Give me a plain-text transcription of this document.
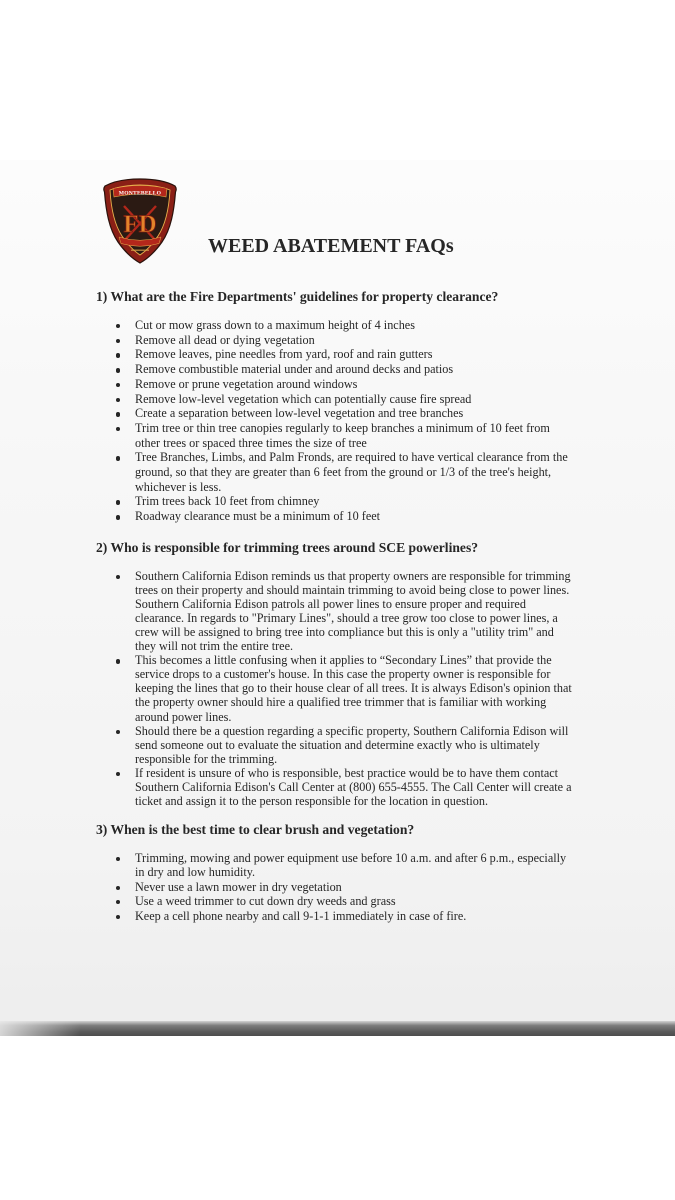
MONTEBELLO
FD
WEED ABATEMENT FAQs
1) What are the Fire Departments' guidelines for property clearance?
Cut or mow grass down to a maximum height of 4 inches
Remove all dead or dying vegetation
Remove leaves, pine needles from yard, roof and rain gutters
Remove combustible material under and around decks and patios
Remove or prune vegetation around windows
Remove low-level vegetation which can potentially cause fire spread
Create a separation between low-level vegetation and tree branches
Trim tree or thin tree canopies regularly to keep branches a minimum of 10 feet from
other trees or spaced three times the size of tree
Tree Branches, Limbs, and Palm Fronds, are required to have vertical clearance from the
ground, so that they are greater than 6 feet from the ground or 1/3 of the tree's height,
whichever is less.
Trim trees back 10 feet from chimney
Roadway clearance must be a minimum of 10 feet
2) Who is responsible for trimming trees around SCE powerlines?
Southern California Edison reminds us that property owners are responsible for trimming
trees on their property and should maintain trimming to avoid being close to power lines.
Southern California Edison patrols all power lines to ensure proper and required
clearance. In regards to "Primary Lines", should a tree grow too close to power lines, a
crew will be assigned to bring tree into compliance but this is only a "utility trim" and
they will not trim the entire tree.
This becomes a little confusing when it applies to “Secondary Lines” that provide the
service drops to a customer's house. In this case the property owner is responsible for
keeping the lines that go to their house clear of all trees. It is always Edison's opinion that
the property owner should hire a qualified tree trimmer that is familiar with working
around power lines.
Should there be a question regarding a specific property, Southern California Edison will
send someone out to evaluate the situation and determine exactly who is ultimately
responsible for the trimming.
If resident is unsure of who is responsible, best practice would be to have them contact
Southern California Edison's Call Center at (800) 655-4555. The Call Center will create a
ticket and assign it to the person responsible for the location in question.
3) When is the best time to clear brush and vegetation?
Trimming, mowing and power equipment use before 10 a.m. and after 6 p.m., especially
in dry and low humidity.
Never use a lawn mower in dry vegetation
Use a weed trimmer to cut down dry weeds and grass
Keep a cell phone nearby and call 9-1-1 immediately in case of fire.
